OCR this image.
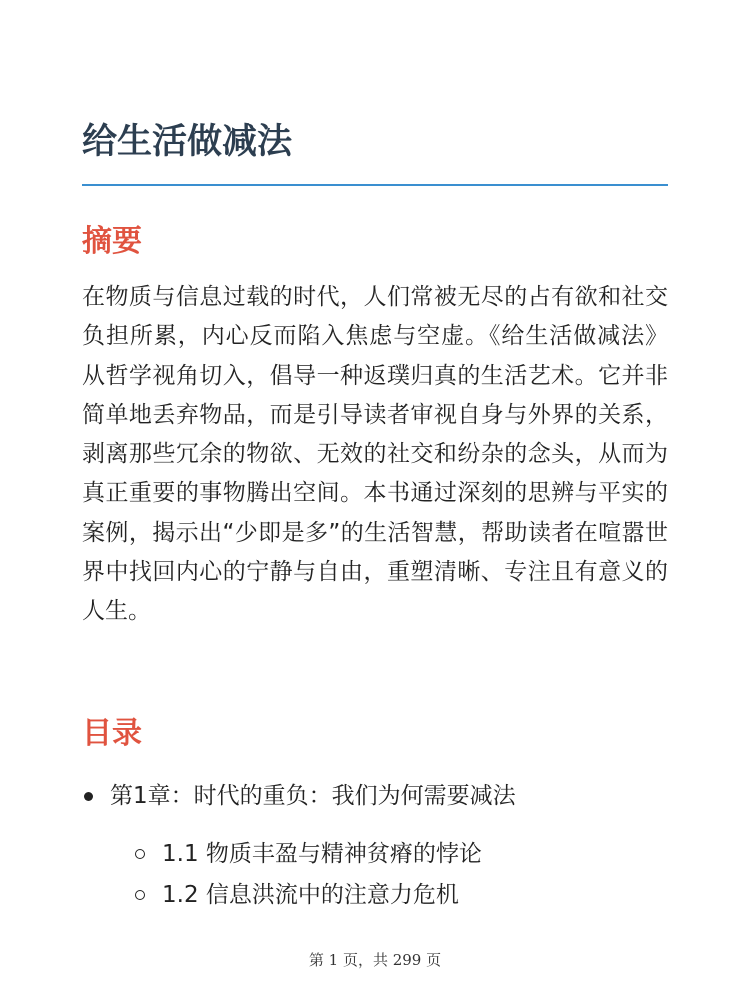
给生活做减法
摘要

在物质与信息过载的时代，人们常被无尽的占有欲和社交负担所累，内心反而陷入焦虑与空虚。《给生活做减法》从哲学视角切入，倡导一种返璞归真的生活艺术。它并非简单地丢弃物品，而是引导读者审视自身与外界的关系，剥离那些冗余的物欲、无效的社交和纷杂的念头，从而为真正重要的事物腾出空间。本书通过深刻的思辨与平实的案例，揭示出“少即是多”的生活智慧，帮助读者在喧嚣世界中找回内心的宁静与自由，重塑清晰、专注且有意义的人生。

目录
第1章：时代的重负：我们为何需要减法
1.1 物质丰盈与精神贫瘠的悖论
1.2 信息洪流中的注意力危机
第 1 页，共 299 页
